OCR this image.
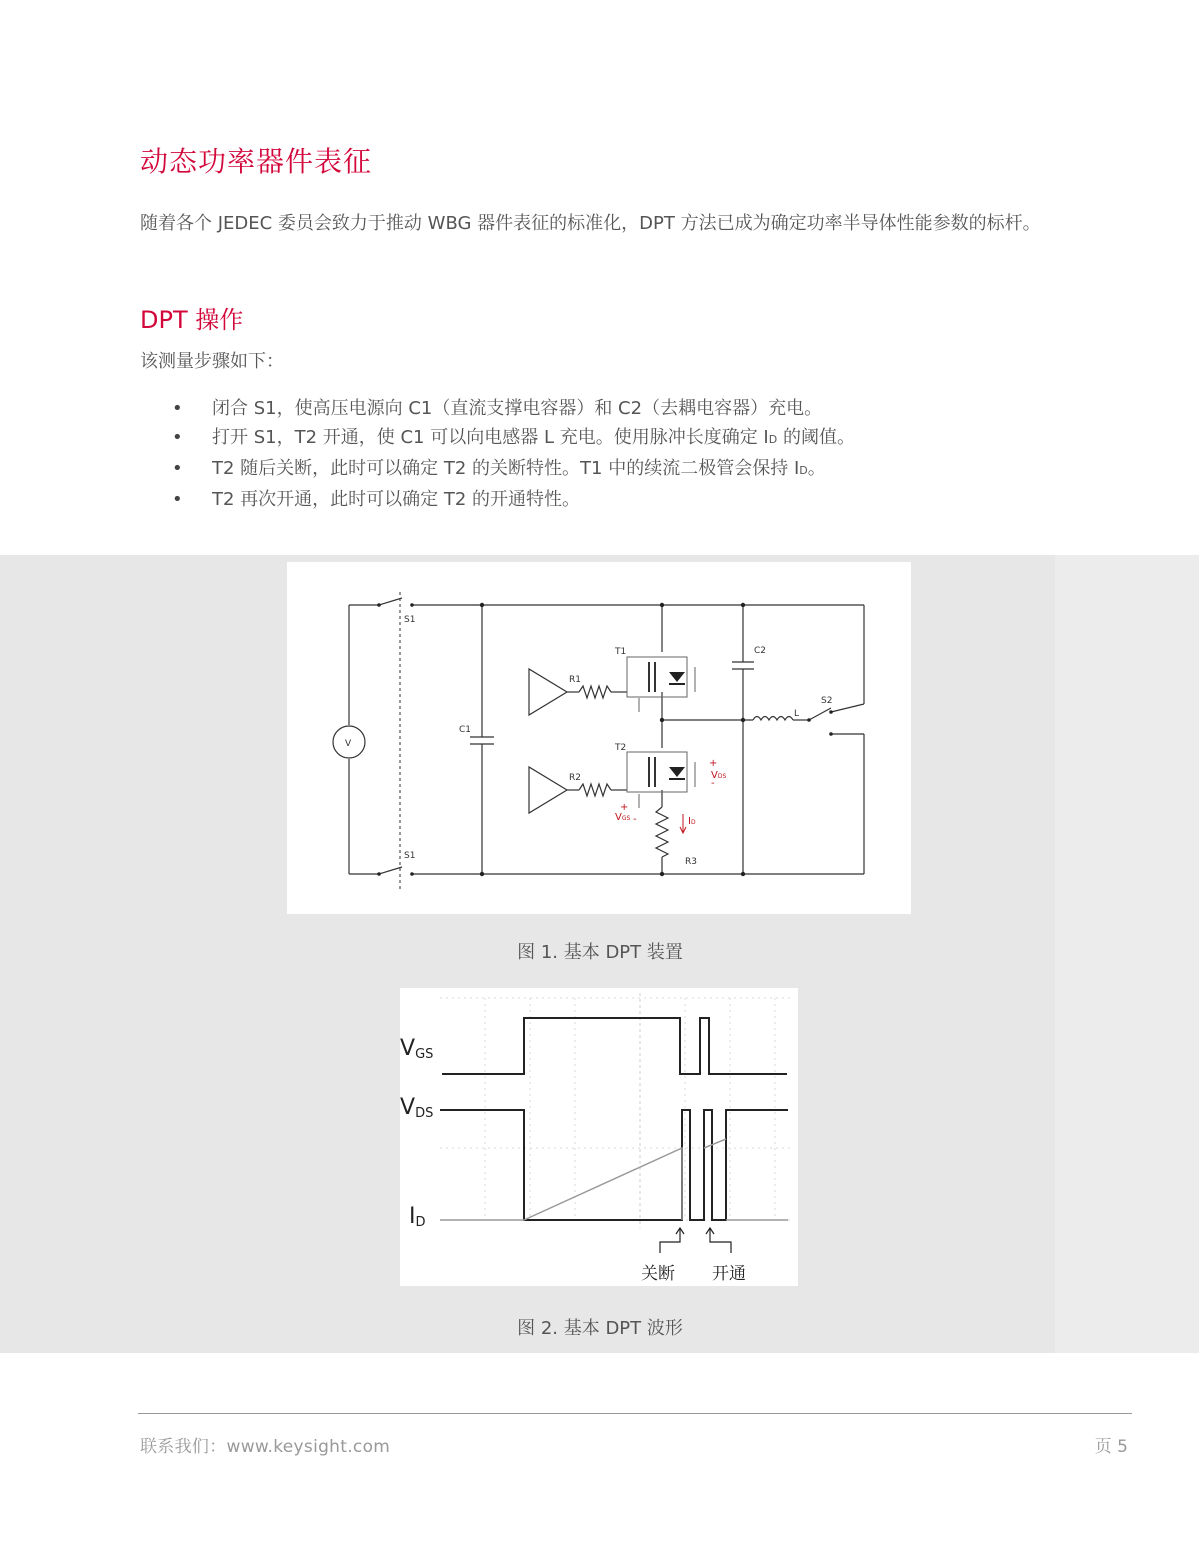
动态功率器件表征
随着各个 JEDEC 委员会致力于推动 WBG 器件表征的标准化，DPT 方法已成为确定功率半导体性能参数的标杆。
DPT 操作
该测量步骤如下：
• 闭合 S1，使高压电源向 C1（直流支撑电容器）和 C2（去耦电容器）充电。
• 打开 S1，T2 开通，使 C1 可以向电感器 L 充电。使用脉冲长度确定 ID 的阈值。
• T2 随后关断，此时可以确定 T2 的关断特性。T1 中的续流二极管会保持 ID。
• T2 再次开通，此时可以确定 T2 的开通特性。
S1
S1
V
C1
C2
T1
T2
R1
R2
R3
L
S2
+
VDS
-
+
VGS -	ID
图 1. 基本 DPT 装置
VGS
VDS
ID
关断 开通
图 2. 基本 DPT 波形
联系我们：www.keysight.com	页 5
